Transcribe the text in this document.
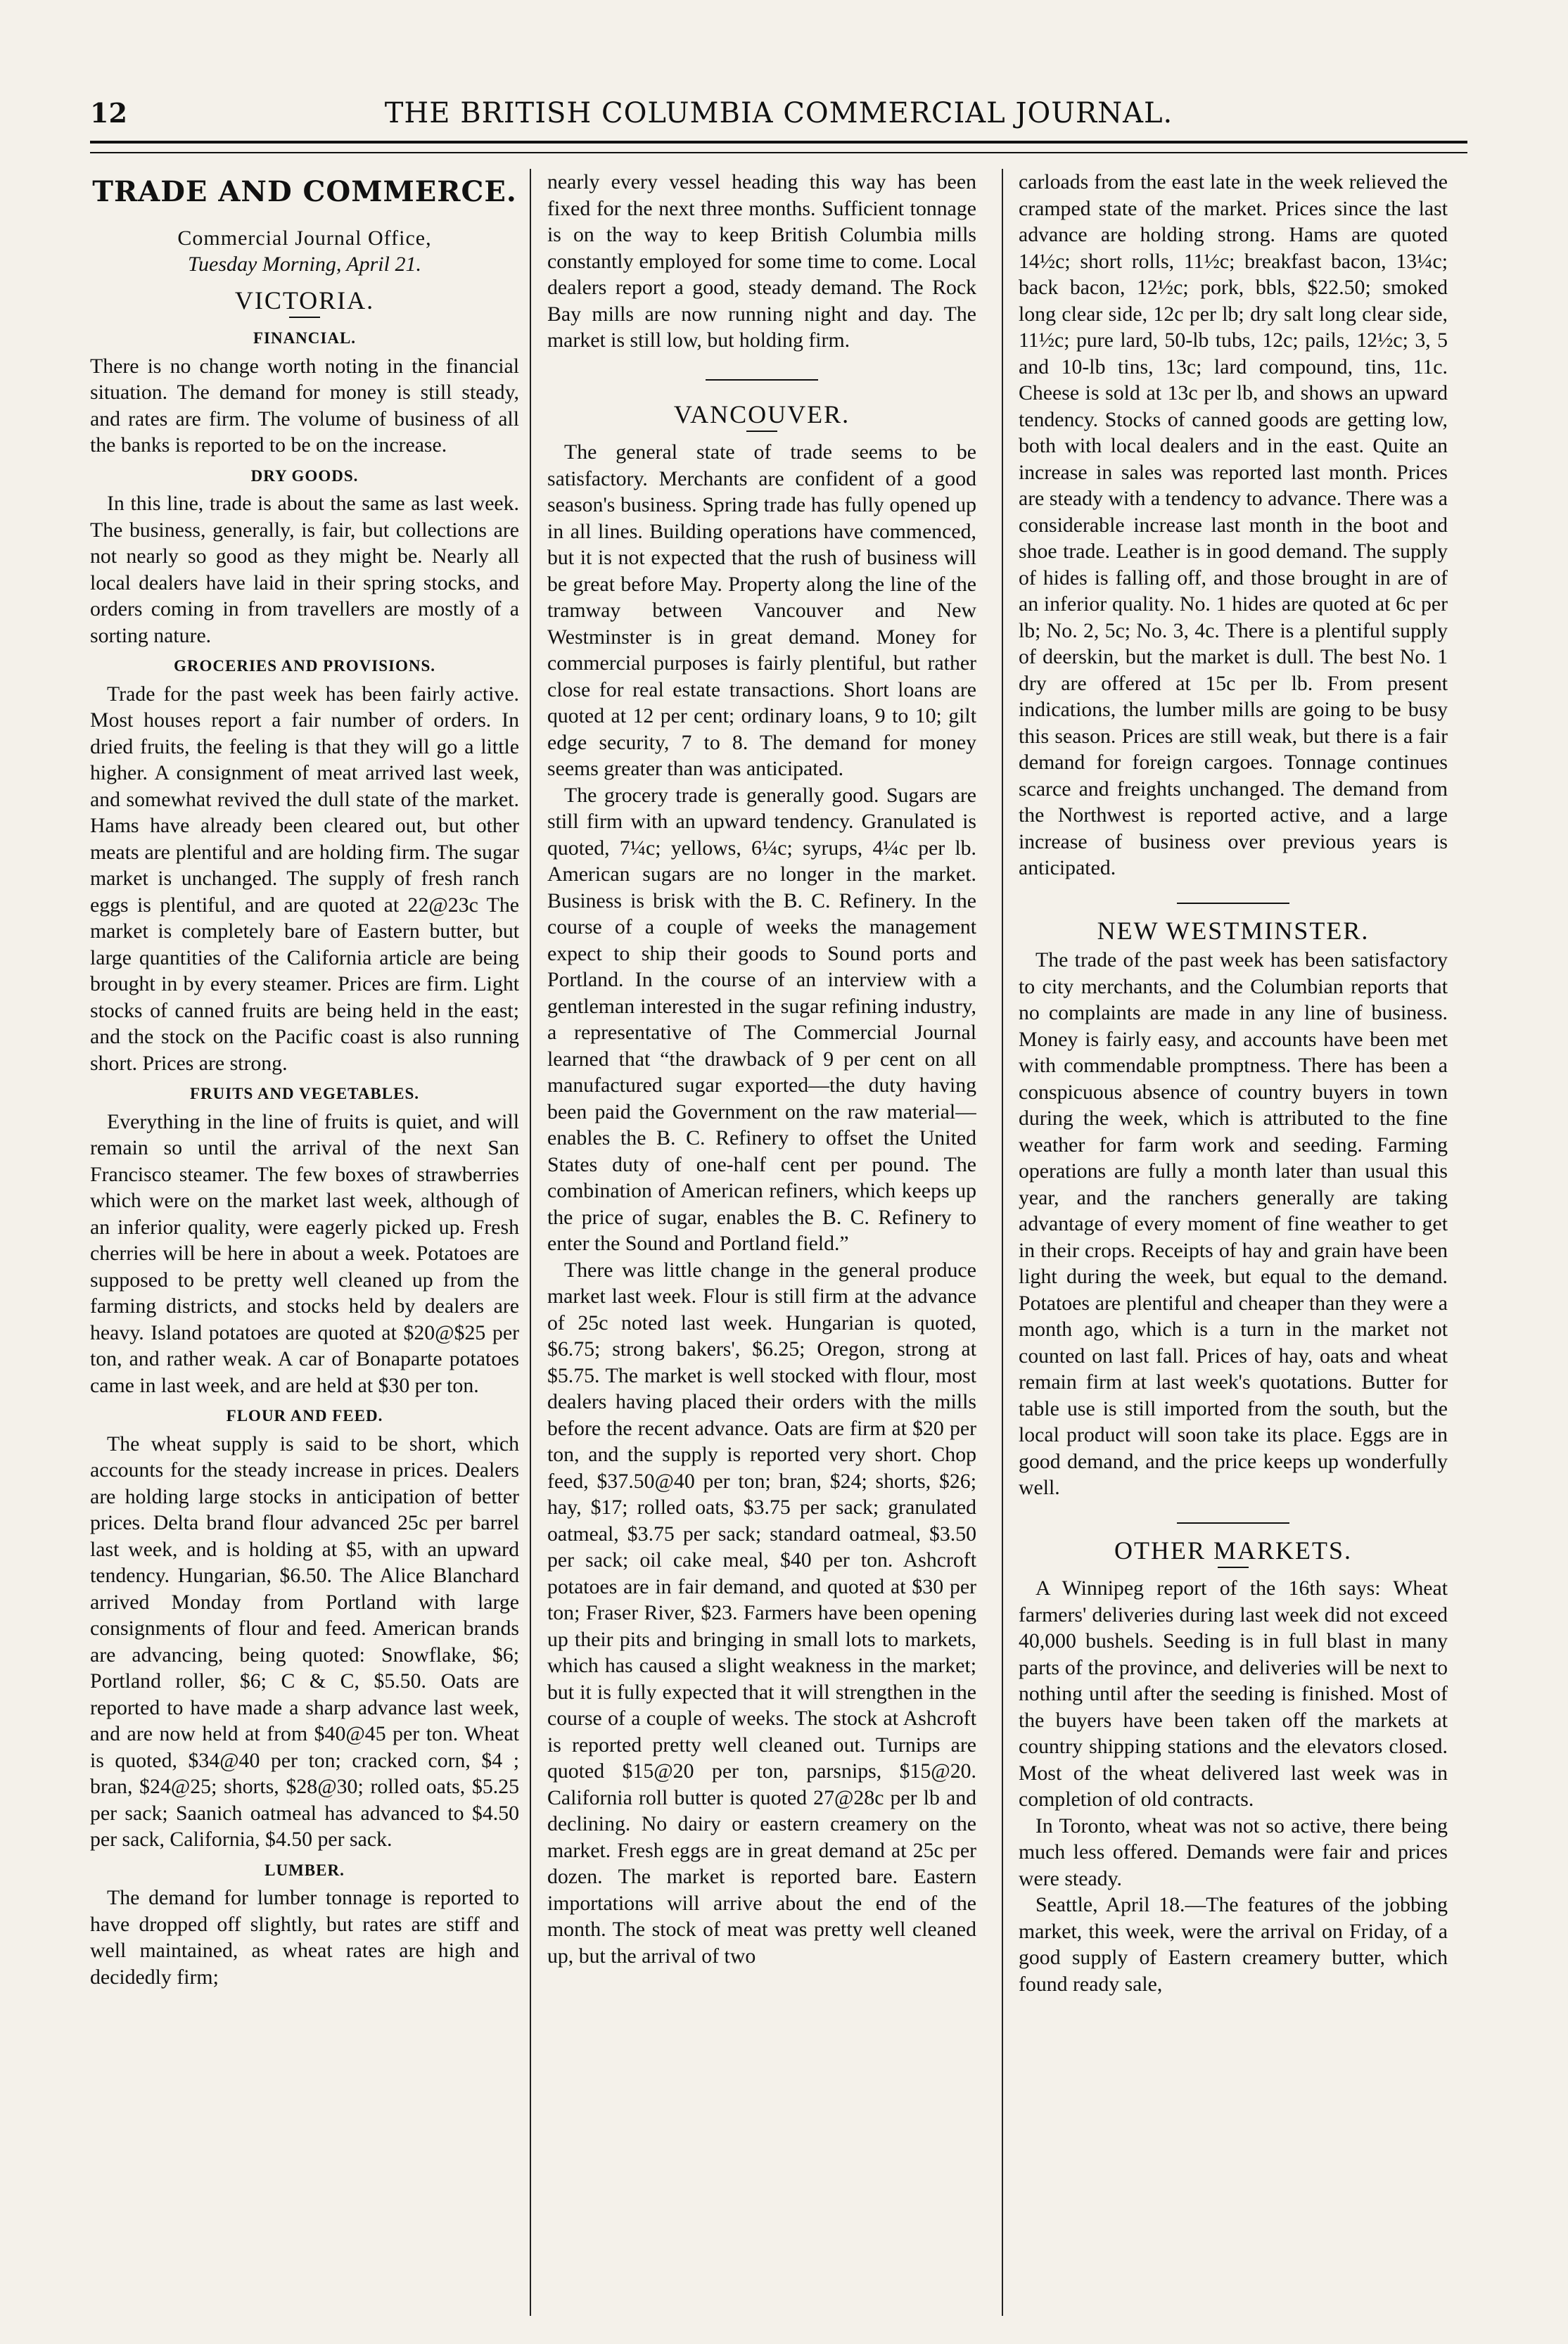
THE BRITISH COLUMBIA COMMERCIAL JOURNAL.
12
TRADE AND COMMERCE.
Commercial Journal Office,
Tuesday Morning, April 21.
VICTORIA.
FINANCIAL.

There is no change worth noting in the financial situation. The demand for money is still steady, and rates are firm. The volume of business of all the banks is reported to be on the increase.

DRY GOODS.

In this line, trade is about the same as last week. The business, generally, is fair, but collections are not nearly so good as they might be. Nearly all local dealers have laid in their spring stocks, and orders coming in from travellers are mostly of a sorting nature.

GROCERIES AND PROVISIONS.

Trade for the past week has been fairly active. Most houses report a fair number of orders. In dried fruits, the feeling is that they will go a little higher. A consignment of meat arrived last week, and somewhat revived the dull state of the market. Hams have already been cleared out, but other meats are plentiful and are holding firm. The sugar market is unchanged. The supply of fresh ranch eggs is plentiful, and are quoted at 22@23c The market is completely bare of Eastern butter, but large quantities of the California article are being brought in by every steamer. Prices are firm. Light stocks of canned fruits are being held in the east; and the stock on the Pacific coast is also running short. Prices are strong.

FRUITS AND VEGETABLES.

Everything in the line of fruits is quiet, and will remain so until the arrival of the next San Francisco steamer. The few boxes of strawberries which were on the market last week, although of an inferior quality, were eagerly picked up. Fresh cherries will be here in about a week. Potatoes are supposed to be pretty well cleaned up from the farming districts, and stocks held by dealers are heavy. Island potatoes are quoted at $20@$25 per ton, and rather weak. A car of Bonaparte potatoes came in last week, and are held at $30 per ton.

FLOUR AND FEED.

The wheat supply is said to be short, which accounts for the steady increase in prices. Dealers are holding large stocks in anticipation of better prices. Delta brand flour advanced 25c per barrel last week, and is holding at $5, with an upward tendency. Hungarian, $6.50. The Alice Blanchard arrived Monday from Portland with large consignments of flour and feed. American brands are advancing, being quoted: Snowflake, $6; Portland roller, $6; C & C, $5.50. Oats are reported to have made a sharp advance last week, and are now held at from $40@45 per ton. Wheat is quoted, $34@40 per ton; cracked corn, $4 ; bran, $24@25; shorts, $28@30; rolled oats, $5.25 per sack; Saanich oatmeal has advanced to $4.50 per sack, California, $4.50 per sack.

LUMBER.

The demand for lumber tonnage is reported to have dropped off slightly, but rates are stiff and well maintained, as wheat rates are high and decidedly firm;

nearly every vessel heading this way has been fixed for the next three months. Sufficient tonnage is on the way to keep British Columbia mills constantly employed for some time to come. Local dealers report a good, steady demand. The Rock Bay mills are now running night and day. The market is still low, but holding firm.

VANCOUVER.

The general state of trade seems to be satisfactory. Merchants are confident of a good season's business. Spring trade has fully opened up in all lines. Building operations have commenced, but it is not expected that the rush of business will be great before May. Property along the line of the tramway between Vancouver and New Westminster is in great demand. Money for commercial purposes is fairly plentiful, but rather close for real estate transactions. Short loans are quoted at 12 per cent; ordinary loans, 9 to 10; gilt edge security, 7 to 8. The demand for money seems greater than was anticipated.

The grocery trade is generally good. Sugars are still firm with an upward tendency. Granulated is quoted, 7¼c; yellows, 6¼c; syrups, 4¼c per lb. American sugars are no longer in the market. Business is brisk with the B. C. Refinery. In the course of a couple of weeks the management expect to ship their goods to Sound ports and Portland. In the course of an interview with a gentleman interested in the sugar refining industry, a representative of The Commercial Journal learned that “the drawback of 9 per cent on all manufactured sugar exported—the duty having been paid the Government on the raw material—enables the B. C. Refinery to offset the United States duty of one-half cent per pound. The combination of American refiners, which keeps up the price of sugar, enables the B. C. Refinery to enter the Sound and Portland field.”

There was little change in the general produce market last week. Flour is still firm at the advance of 25c noted last week. Hungarian is quoted, $6.75; strong bakers', $6.25; Oregon, strong at $5.75. The market is well stocked with flour, most dealers having placed their orders with the mills before the recent advance. Oats are firm at $20 per ton, and the supply is reported very short. Chop feed, $37.50@40 per ton; bran, $24; shorts, $26; hay, $17; rolled oats, $3.75 per sack; granulated oatmeal, $3.75 per sack; standard oatmeal, $3.50 per sack; oil cake meal, $40 per ton. Ashcroft potatoes are in fair demand, and quoted at $30 per ton; Fraser River, $23. Farmers have been opening up their pits and bringing in small lots to markets, which has caused a slight weakness in the market; but it is fully expected that it will strengthen in the course of a couple of weeks. The stock at Ashcroft is reported pretty well cleaned out. Turnips are quoted $15@20 per ton, parsnips, $15@20. California roll butter is quoted 27@28c per lb and declining. No dairy or eastern creamery on the market. Fresh eggs are in great demand at 25c per dozen. The market is reported bare. Eastern importations will arrive about the end of the month. The stock of meat was pretty well cleaned up, but the arrival of two

carloads from the east late in the week relieved the cramped state of the market. Prices since the last advance are holding strong. Hams are quoted 14½c; short rolls, 11½c; breakfast bacon, 13¼c; back bacon, 12½c; pork, bbls, $22.50; smoked long clear side, 12c per lb; dry salt long clear side, 11½c; pure lard, 50-lb tubs, 12c; pails, 12½c; 3, 5 and 10-lb tins, 13c; lard compound, tins, 11c. Cheese is sold at 13c per lb, and shows an upward tendency. Stocks of canned goods are getting low, both with local dealers and in the east. Quite an increase in sales was reported last month. Prices are steady with a tendency to advance. There was a considerable increase last month in the boot and shoe trade. Leather is in good demand. The supply of hides is falling off, and those brought in are of an inferior quality. No. 1 hides are quoted at 6c per lb; No. 2, 5c; No. 3, 4c. There is a plentiful supply of deerskin, but the market is dull. The best No. 1 dry are offered at 15c per lb. From present indications, the lumber mills are going to be busy this season. Prices are still weak, but there is a fair demand for foreign cargoes. Tonnage continues scarce and freights unchanged. The demand from the Northwest is reported active, and a large increase of business over previous years is anticipated.

NEW WESTMINSTER.

The trade of the past week has been satisfactory to city merchants, and the Columbian reports that no complaints are made in any line of business. Money is fairly easy, and accounts have been met with commendable promptness. There has been a conspicuous absence of country buyers in town during the week, which is attributed to the fine weather for farm work and seeding. Farming operations are fully a month later than usual this year, and the ranchers generally are taking advantage of every moment of fine weather to get in their crops. Receipts of hay and grain have been light during the week, but equal to the demand. Potatoes are plentiful and cheaper than they were a month ago, which is a turn in the market not counted on last fall. Prices of hay, oats and wheat remain firm at last week's quotations. Butter for table use is still imported from the south, but the local product will soon take its place. Eggs are in good demand, and the price keeps up wonderfully well.

OTHER MARKETS.

A Winnipeg report of the 16th says: Wheat farmers' deliveries during last week did not exceed 40,000 bushels. Seeding is in full blast in many parts of the province, and deliveries will be next to nothing until after the seeding is finished. Most of the buyers have been taken off the markets at country shipping stations and the elevators closed. Most of the wheat delivered last week was in completion of old contracts.

In Toronto, wheat was not so active, there being much less offered. Demands were fair and prices were steady.

Seattle, April 18.—The features of the jobbing market, this week, were the arrival on Friday, of a good supply of Eastern creamery butter, which found ready sale,
